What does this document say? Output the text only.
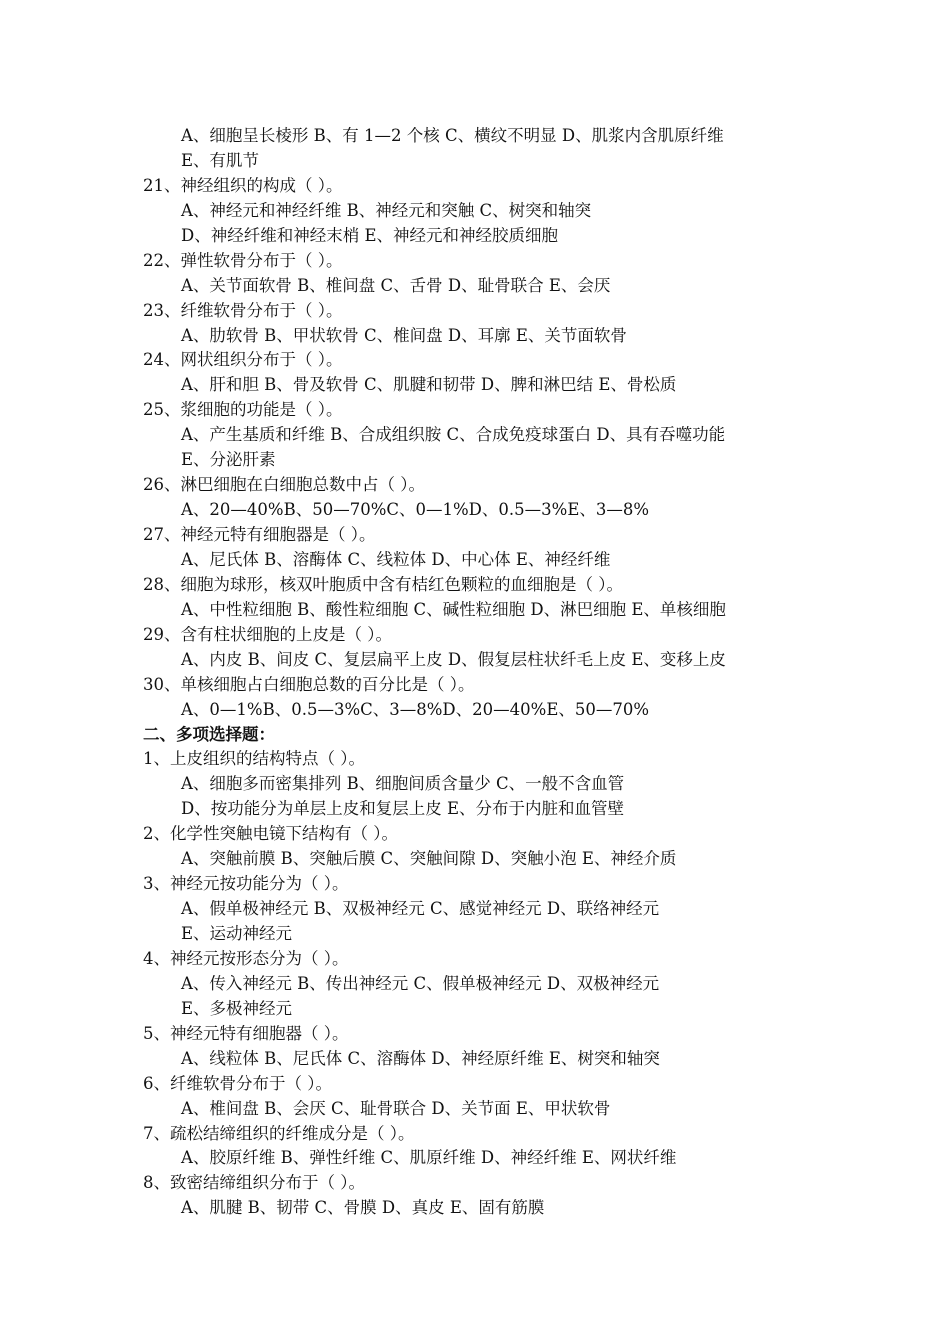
A、细胞呈长棱形 B、有 1—2 个核 C、横纹不明显 D、肌浆内含肌原纤维
E、有肌节
21、神经组织的构成（ ）。
A、神经元和神经纤维 B、神经元和突触 C、树突和轴突
D、神经纤维和神经末梢 E、神经元和神经胶质细胞
22、弹性软骨分布于（ ）。
A、关节面软骨 B、椎间盘 C、舌骨 D、耻骨联合 E、会厌
23、纤维软骨分布于（ ）。
A、肋软骨 B、甲状软骨 C、椎间盘 D、耳廓 E、关节面软骨
24、网状组织分布于（ ）。
A、肝和胆 B、骨及软骨 C、肌腱和韧带 D、脾和淋巴结 E、骨松质
25、浆细胞的功能是（ ）。
A、产生基质和纤维 B、合成组织胺 C、合成免疫球蛋白 D、具有吞噬功能
E、分泌肝素
26、淋巴细胞在白细胞总数中占（ ）。
A、20—40%B、50—70%C、0—1%D、0.5—3%E、3—8%
27、神经元特有细胞器是（ ）。
A、尼氏体 B、溶酶体 C、线粒体 D、中心体 E、神经纤维
28、细胞为球形，核双叶胞质中含有桔红色颗粒的血细胞是（ ）。
A、中性粒细胞 B、酸性粒细胞 C、碱性粒细胞 D、淋巴细胞 E、单核细胞
29、含有柱状细胞的上皮是（ ）。
A、内皮 B、间皮 C、复层扁平上皮 D、假复层柱状纤毛上皮 E、变移上皮
30、单核细胞占白细胞总数的百分比是（ ）。
A、0—1%B、0.5—3%C、3—8%D、20—40%E、50—70%
二、多项选择题：
1、上皮组织的结构特点（ ）。
A、细胞多而密集排列 B、细胞间质含量少 C、一般不含血管
D、按功能分为单层上皮和复层上皮 E、分布于内脏和血管壁
2、化学性突触电镜下结构有（ ）。
A、突触前膜 B、突触后膜 C、突触间隙 D、突触小泡 E、神经介质
3、神经元按功能分为（ ）。
A、假单极神经元 B、双极神经元 C、感觉神经元 D、联络神经元
E、运动神经元
4、神经元按形态分为（ ）。
A、传入神经元 B、传出神经元 C、假单极神经元 D、双极神经元
E、多极神经元
5、神经元特有细胞器（ ）。
A、线粒体 B、尼氏体 C、溶酶体 D、神经原纤维 E、树突和轴突
6、纤维软骨分布于（ ）。
A、椎间盘 B、会厌 C、耻骨联合 D、关节面 E、甲状软骨
7、疏松结缔组织的纤维成分是（ ）。
A、胶原纤维 B、弹性纤维 C、肌原纤维 D、神经纤维 E、网状纤维
8、致密结缔组织分布于（ ）。
A、肌腱 B、韧带 C、骨膜 D、真皮 E、固有筋膜
